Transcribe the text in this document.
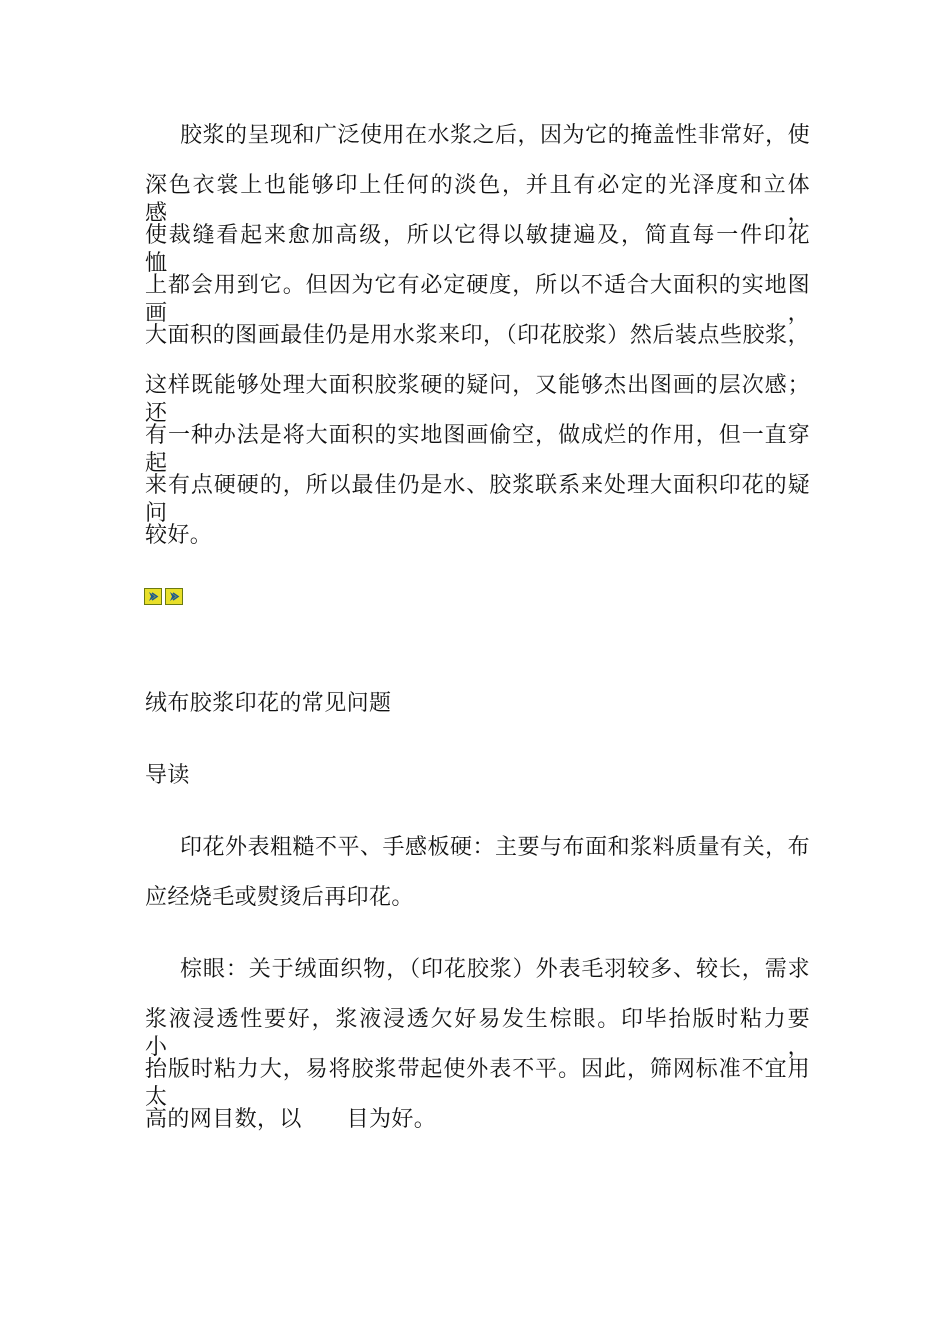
胶浆的呈现和广泛使用在水浆之后，因为它的掩盖性非常好，使
深色衣裳上也能够印上任何的淡色，并且有必定的光泽度和立体感，
使裁缝看起来愈加高级，所以它得以敏捷遍及，简直每一件印花　恤
上都会用到它。但因为它有必定硬度，所以不适合大面积的实地图画，
大面积的图画最佳仍是用水浆来印，（印花胶浆）然后装点些胶浆，
这样既能够处理大面积胶浆硬的疑问，又能够杰出图画的层次感；还
有一种办法是将大面积的实地图画偷空，做成烂的作用，但一直穿起
来有点硬硬的，所以最佳仍是水、胶浆联系来处理大面积印花的疑问
较好。
绒布胶浆印花的常见问题
导读
印花外表粗糙不平、手感板硬：主要与布面和浆料质量有关，布
应经烧毛或熨烫后再印花。
棕眼：关于绒面织物，（印花胶浆）外表毛羽较多、较长，需求
浆液浸透性要好，浆液浸透欠好易发生棕眼。印毕抬版时粘力要小，
抬版时粘力大，易将胶浆带起使外表不平。因此，筛网标准不宜用太
高的网目数，以　　目为好。
